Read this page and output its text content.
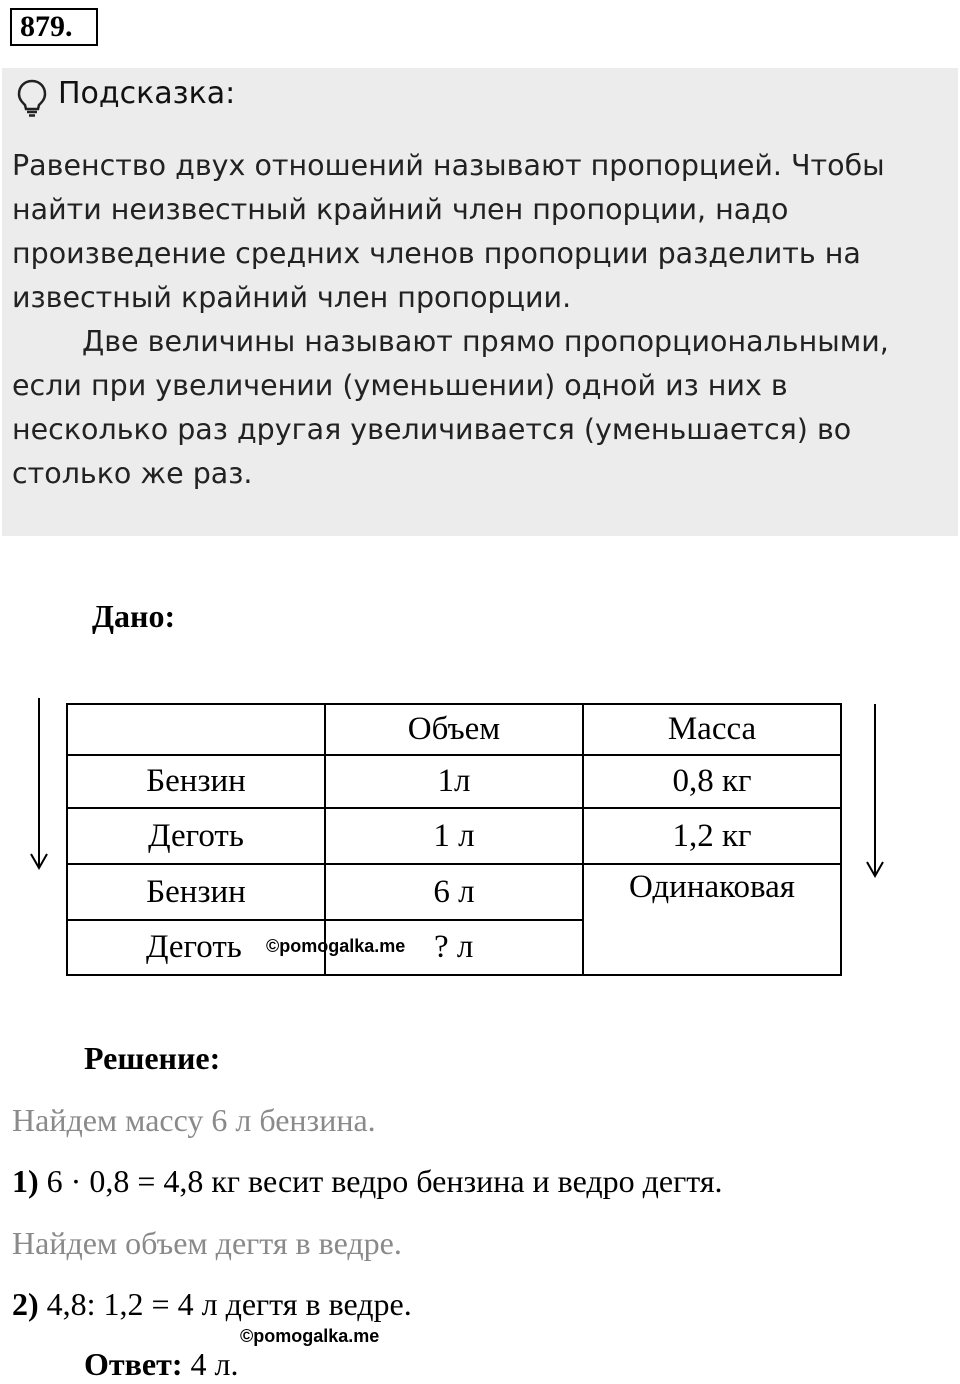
879.
Подсказка:

Равенство двух отношений называют пропорцией. Чтобы найти неизвестный крайний член пропорции, надо произведение средних членов пропорции разделить на известный крайний член пропорции.

Две величины называют прямо пропорциональными, если при увеличении (уменьшении) одной из них в несколько раз другая увеличивается (уменьшается) во столько же раз.

Дано:
	Объем	Масса
Бензин	1л	0,8 кг
Деготь	1 л	1,2 кг
Бензин	6 л	Одинаковая
Деготь	? л	
©pomogalka.me
Решение:
Найдем массу 6 л бензина.
1) 6 · 0,8 = 4,8 кг весит ведро бензина и ведро дегтя.
Найдем объем дегтя в ведре.
2) 4,8: 1,2 = 4 л дегтя в ведре.
©pomogalka.me
Ответ: 4 л.
